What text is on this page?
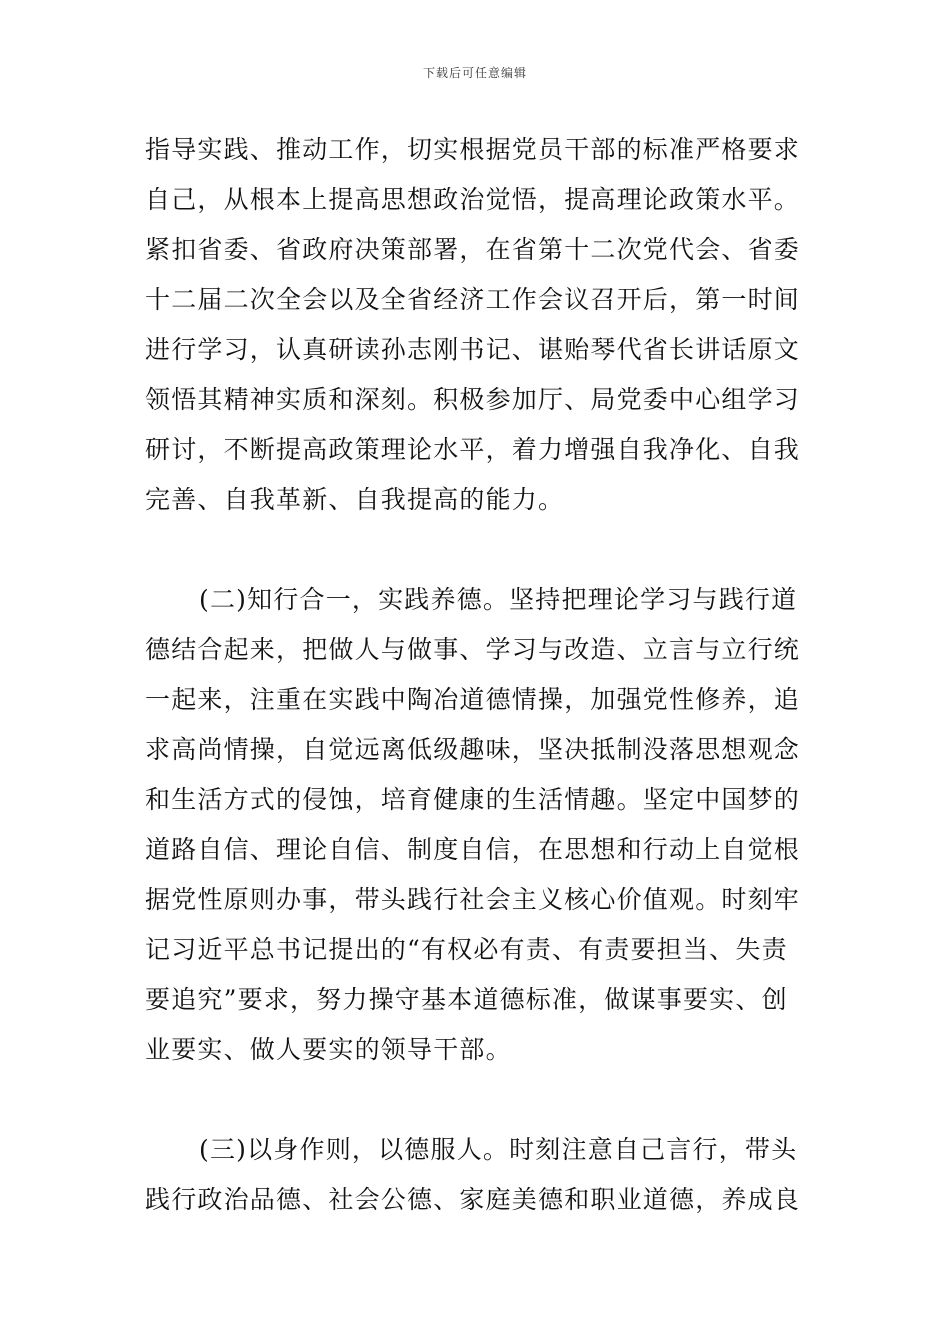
下载后可任意编辑
指导实践、推动工作，切实根据党员干部的标准严格要求
自己，从根本上提高思想政治觉悟，提高理论政策水平。
紧扣省委、省政府决策部署，在省第十二次党代会、省委
十二届二次全会以及全省经济工作会议召开后，第一时间
进行学习，认真研读孙志刚书记、谌贻琴代省长讲话原文
领悟其精神实质和深刻。积极参加厅、局党委中心组学习
研讨，不断提高政策理论水平，着力增强自我净化、自我
完善、自我革新、自我提高的能力。
(二)知行合一，实践养德。坚持把理论学习与践行道
德结合起来，把做人与做事、学习与改造、立言与立行统
一起来，注重在实践中陶冶道德情操，加强党性修养，追
求高尚情操，自觉远离低级趣味，坚决抵制没落思想观念
和生活方式的侵蚀，培育健康的生活情趣。坚定中国梦的
道路自信、理论自信、制度自信，在思想和行动上自觉根
据党性原则办事，带头践行社会主义核心价值观。时刻牢
记习近平总书记提出的“有权必有责、有责要担当、失责
要追究”要求，努力操守基本道德标准，做谋事要实、创
业要实、做人要实的领导干部。
(三)以身作则，以德服人。时刻注意自己言行，带头
践行政治品德、社会公德、家庭美德和职业道德，养成良
